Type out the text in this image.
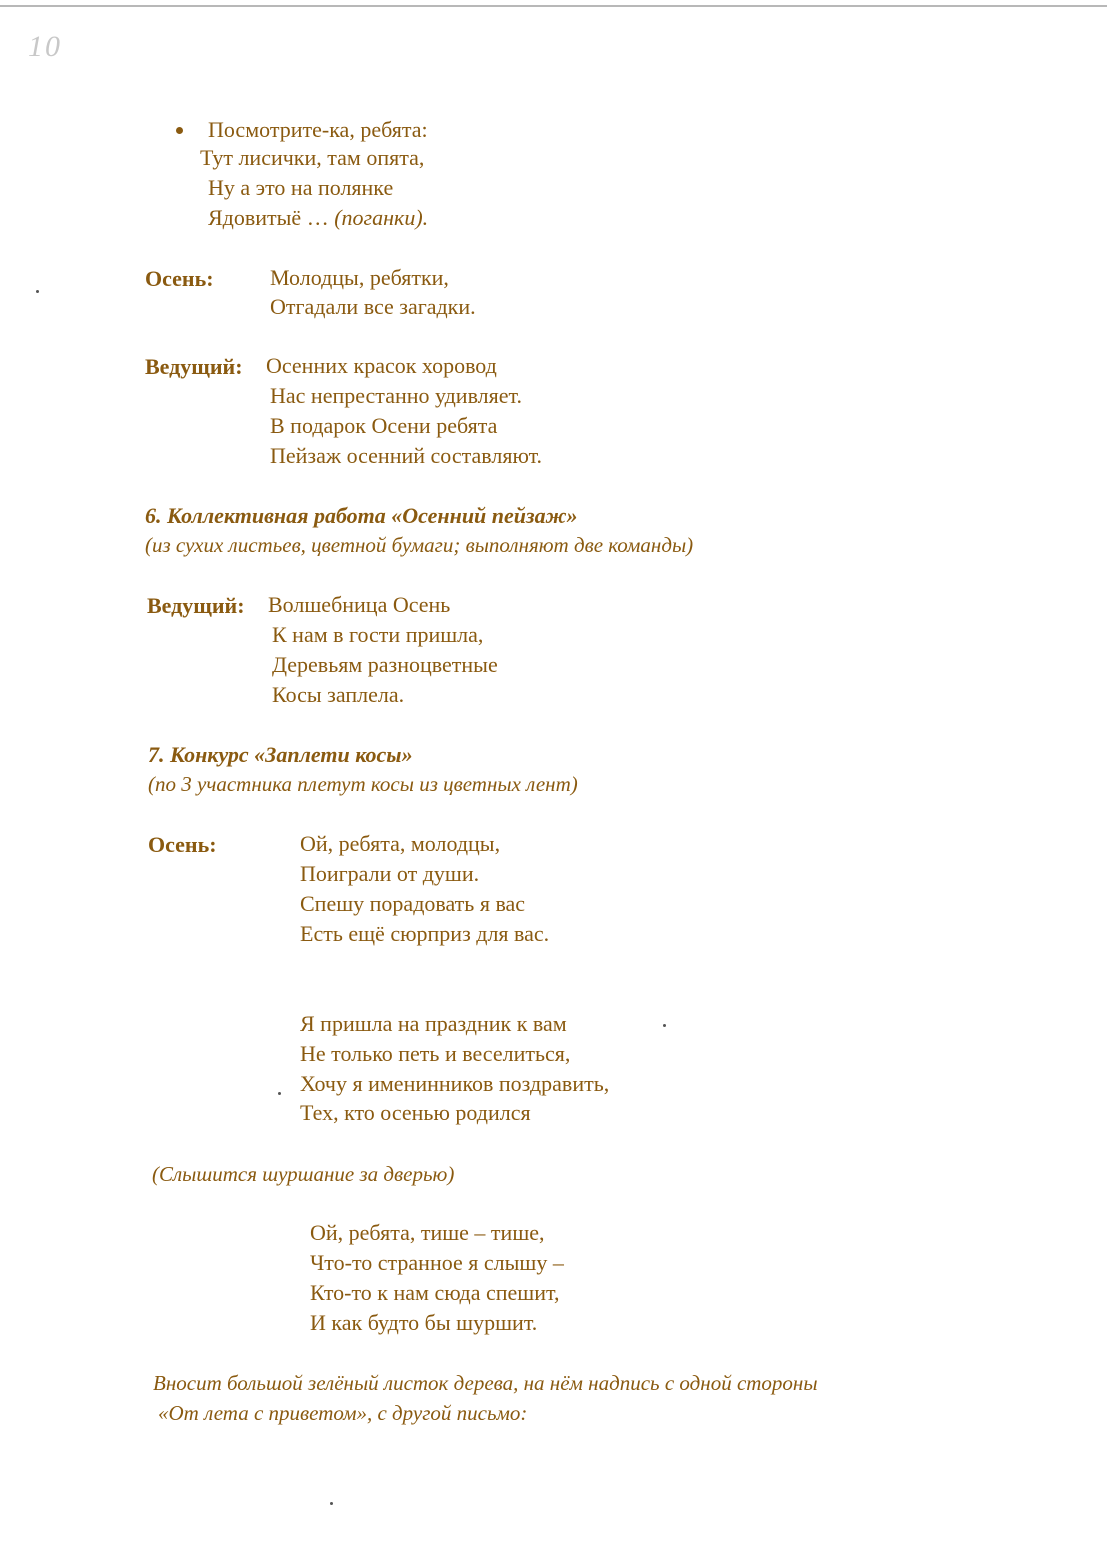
10
Посмотрите-ка, ребята:
Тут лисички, там опята,
Ну а это на полянке
Ядовитыё … (поганки).
Осень:	Молодцы, ребятки,
Отгадали все загадки.
Ведущий: Осенних красок хоровод
Нас непрестанно удивляет.
В подарок Осени ребята
Пейзаж осенний составляют.
6. Коллективная работа «Осенний пейзаж»
(из сухих листьев, цветной бумаги; выполняют две команды)
Ведущий: Волшебница Осень
К нам в гости пришла,
Деревьям разноцветные
Косы заплела.
7. Конкурс «Заплети косы»
(по 3 участника плетут косы из цветных лент)
Осень:	Ой, ребята, молодцы,
Поиграли от души.
Спешу порадовать я вас
Есть ещё сюрприз для вас.
Я пришла на праздник к вам
Не только петь и веселиться,
Хочу я именинников поздравить,
Тех, кто осенью родился
(Слышится шуршание за дверью)
Ой, ребята, тише – тише,
Что-то странное я слышу –
Кто-то к нам сюда спешит,
И как будто бы шуршит.
Вносит большой зелёный листок дерева, на нём надпись с одной стороны
«От лета с приветом», с другой письмо:
